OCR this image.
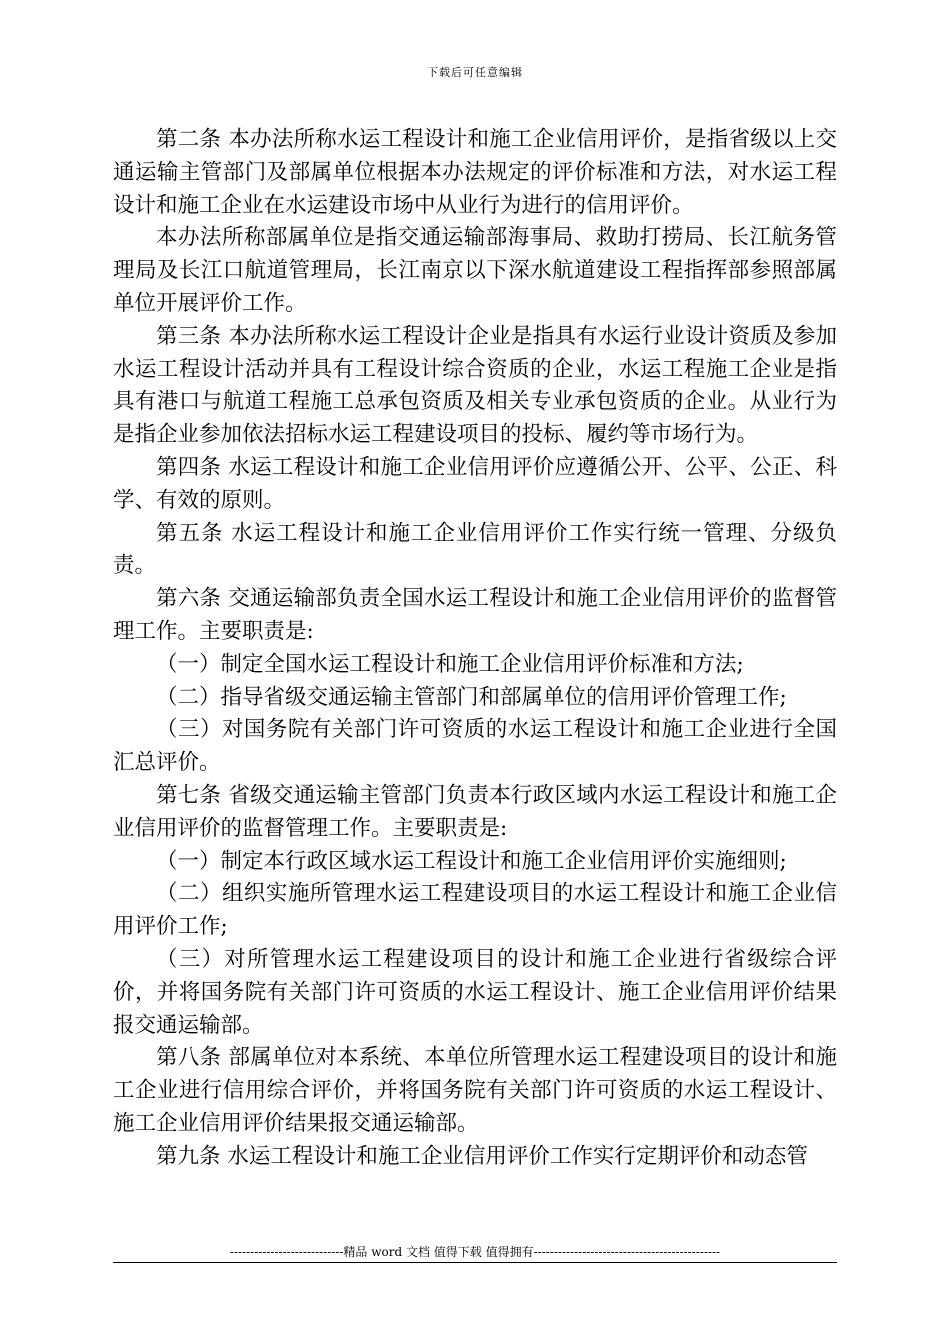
下载后可任意编辑

第二条 本办法所称水运工程设计和施工企业信用评价，是指省级以上交通运输主管部门及部属单位根据本办法规定的评价标准和方法，对水运工程设计和施工企业在水运建设市场中从业行为进行的信用评价。

本办法所称部属单位是指交通运输部海事局、救助打捞局、长江航务管理局及长江口航道管理局，长江南京以下深水航道建设工程指挥部参照部属单位开展评价工作。

第三条 本办法所称水运工程设计企业是指具有水运行业设计资质及参加水运工程设计活动并具有工程设计综合资质的企业，水运工程施工企业是指具有港口与航道工程施工总承包资质及相关专业承包资质的企业。从业行为是指企业参加依法招标水运工程建设项目的投标、履约等市场行为。

第四条 水运工程设计和施工企业信用评价应遵循公开、公平、公正、科学、有效的原则。

第五条 水运工程设计和施工企业信用评价工作实行统一管理、分级负责。

第六条 交通运输部负责全国水运工程设计和施工企业信用评价的监督管理工作。主要职责是:

（一）制定全国水运工程设计和施工企业信用评价标准和方法;

（二）指导省级交通运输主管部门和部属单位的信用评价管理工作;

（三）对国务院有关部门许可资质的水运工程设计和施工企业进行全国汇总评价。

第七条 省级交通运输主管部门负责本行政区域内水运工程设计和施工企业信用评价的监督管理工作。主要职责是:

（一）制定本行政区域水运工程设计和施工企业信用评价实施细则;

（二）组织实施所管理水运工程建设项目的水运工程设计和施工企业信用评价工作;

（三）对所管理水运工程建设项目的设计和施工企业进行省级综合评价，并将国务院有关部门许可资质的水运工程设计、施工企业信用评价结果报交通运输部。

第八条 部属单位对本系统、本单位所管理水运工程建设项目的设计和施工企业进行信用综合评价，并将国务院有关部门许可资质的水运工程设计、施工企业信用评价结果报交通运输部。

第九条 水运工程设计和施工企业信用评价工作实行定期评价和动态管

----------------------------精品 word 文档 值得下载 值得拥有----------------------------------------------
